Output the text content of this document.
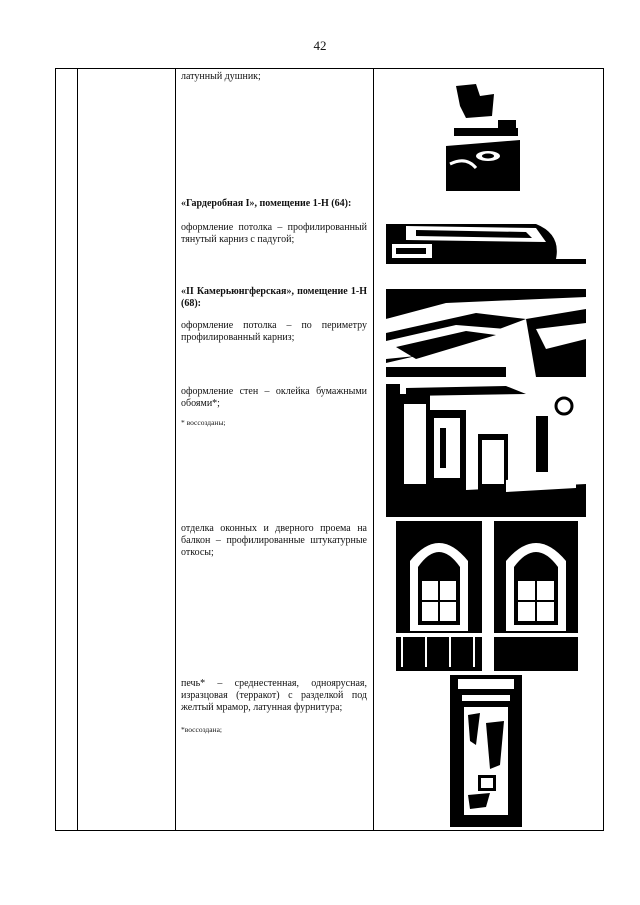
42
латунный душник;
«Гардеробная I», помещение 1-Н (64):
оформление потолка – профилированный тянутый карниз с падугой;
«II Камерьюнгферская», помещение 1-Н (68):
оформление потолка – по периметру профилированный карниз;
оформление стен – оклейка бумажными обоями*;
* воссозданы;
отделка оконных и дверного проема на балкон – профилированные штукатурные откосы;
печь* – среднестенная, одноярусная, изразцовая (терракот) с разделкой под желтый мрамор, латунная фурнитура;
*воссоздана;
